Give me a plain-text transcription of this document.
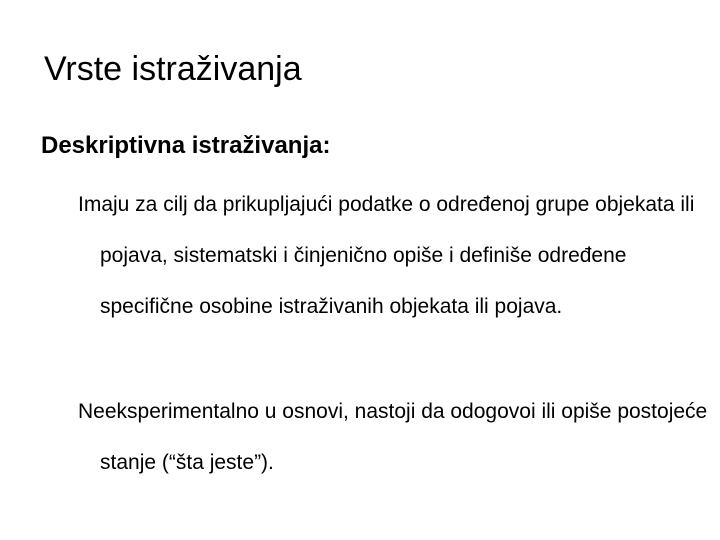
Vrste istraživanja
Deskriptivna istraživanja:

Imaju za cilj da prikupljajući podatke o određenoj grupe objekata ili pojava, sistematski i činjenično opiše i definiše određene specifične osobine istraživanih objekata ili pojava.

Neeksperimentalno u osnovi, nastoji da odogovoi ili opiše postojeće stanje (“šta jeste”).
